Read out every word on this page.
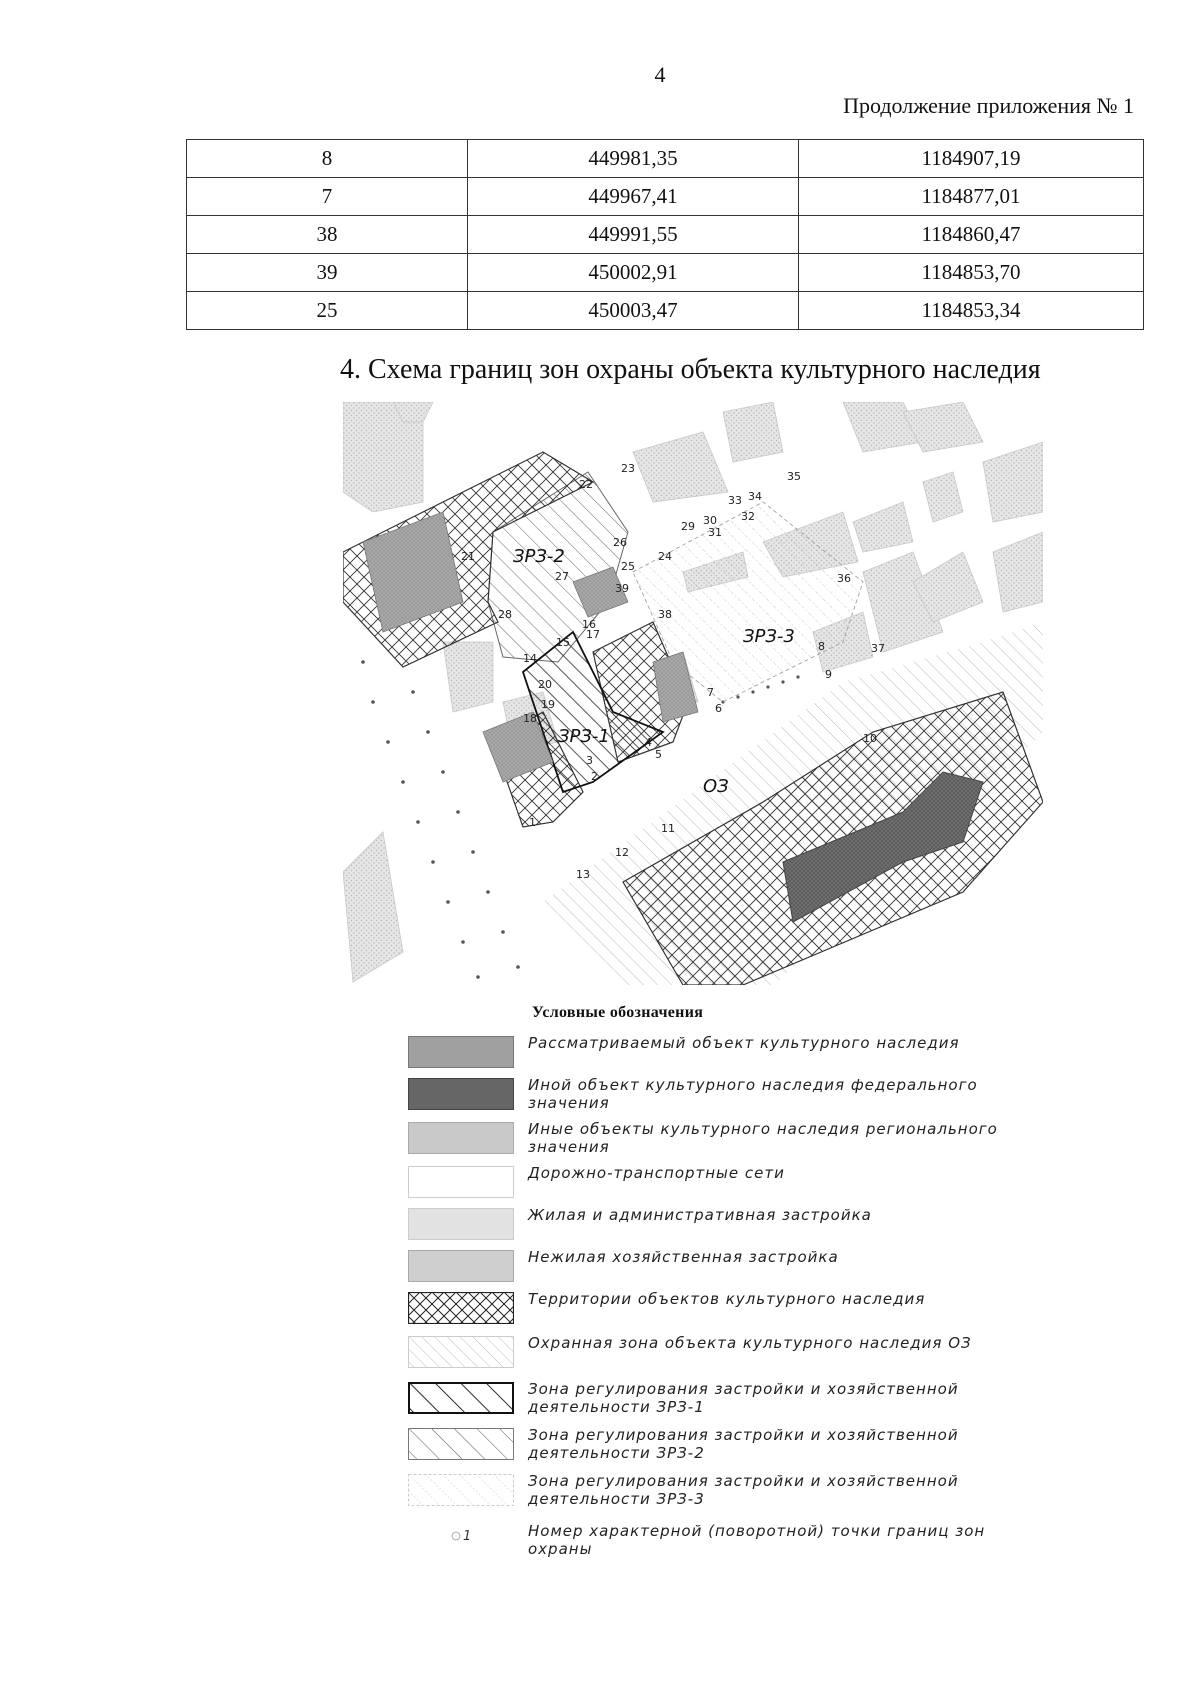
4
Продолжение приложения № 1
8	449981,35	1184907,19
7	449967,41	1184877,01
38	449991,55	1184860,47
39	450002,91	1184853,70
25	450003,47	1184853,34
4. Схема границ зон охраны объекта культурного наследия
23
22
35
33 34
32
29 30
31
26
24
21
25
27
39
36
28	38
16
15
17
14
8	37
9
20
7
19	6
18
4
5
10
3
2
1	11
12
13
ЗРЗ-2
ЗРЗ-3
ЗРЗ-1
ОЗ
Условные обозначения
Рассматриваемый объект культурного наследия
Иной объект культурного наследия федерального значения
Иные объекты культурного наследия регионального значения
Дорожно-транспортные сети
Жилая и административная застройка
Нежилая хозяйственная застройка
Территории объектов культурного наследия
Охранная зона объекта культурного наследия ОЗ
Зона регулирования застройки и хозяйственной деятельности ЗРЗ-1
Зона регулирования застройки и хозяйственной деятельности ЗРЗ-2
Зона регулирования застройки и хозяйственной деятельности ЗРЗ-3
1	Номер характерной (поворотной) точки границ зон охраны
